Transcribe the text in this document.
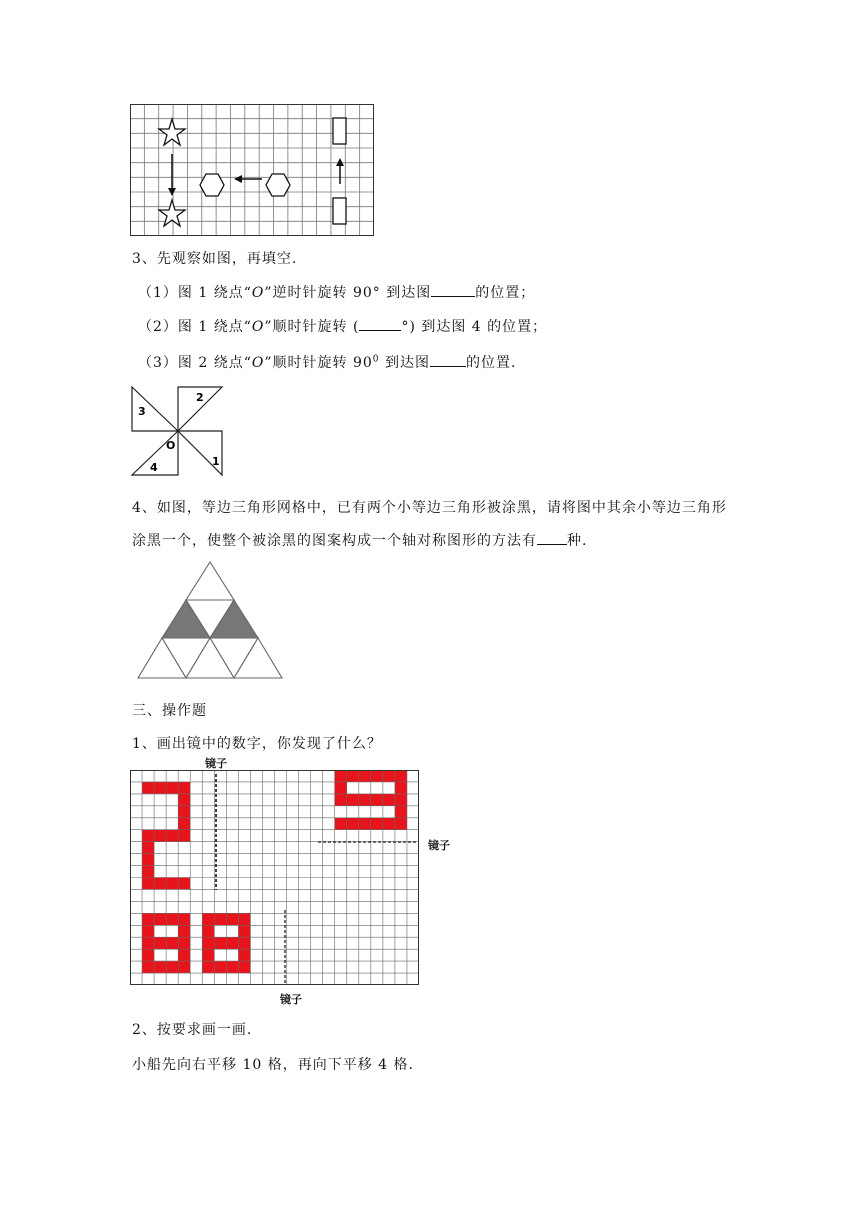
3、先观察如图，再填空.
（1）图 1 绕点“O”逆时针旋转 90° 到达图	的位置；
（2）图 1 绕点“O”顺时针旋转 (	°) 到达图 4 的位置；
（3）图 2 绕点“O”顺时针旋转 $90^0$ 到达图	的位置.
2
3
1
4
O
4、如图，等边三角形网格中，已有两个小等边三角形被涂黑，请将图中其余小等边三角形
涂黑一个，使整个被涂黑的图案构成一个轴对称图形的方法有 种.
三、操作题
1、画出镜中的数字，你发现了什么？
镜子
镜子
镜子
2、按要求画一画.
小船先向右平移 10 格，再向下平移 4 格.
